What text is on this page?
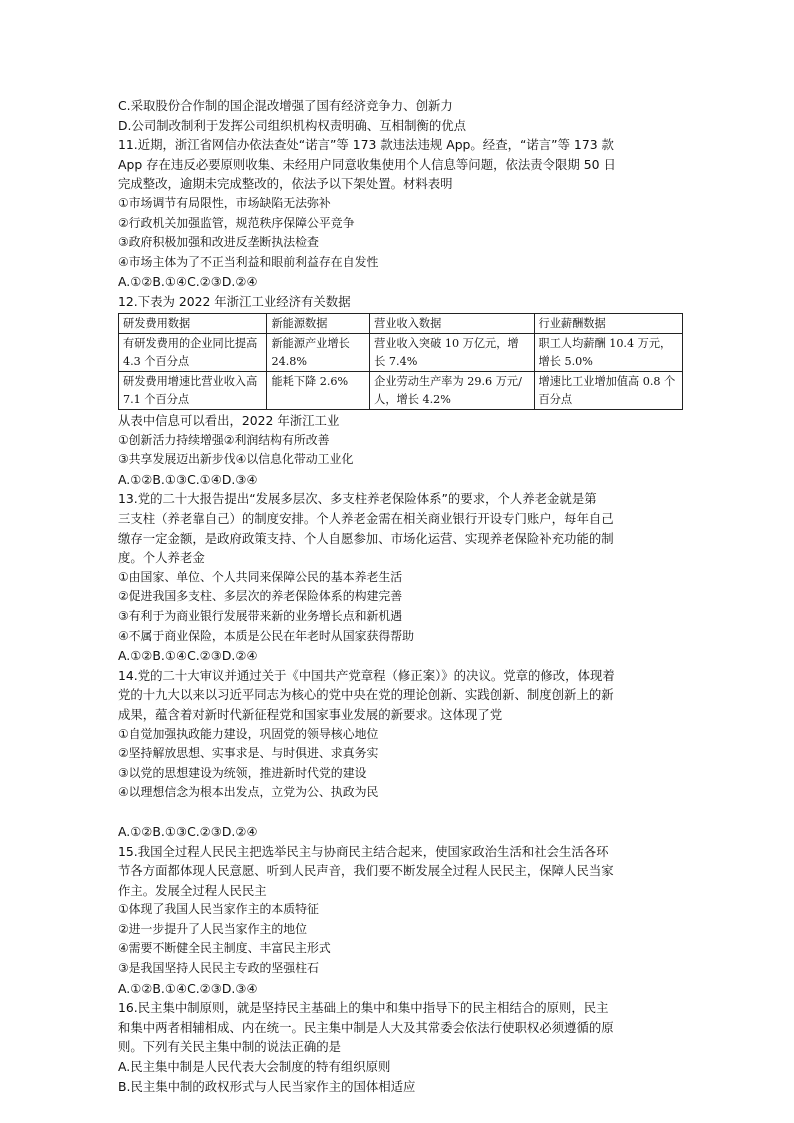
C.采取股份合作制的国企混改增强了国有经济竞争力、创新力
D.公司制改制利于发挥公司组织机构权责明确、互相制衡的优点
11.近期，浙江省网信办依法查处“诺言”等 173 款违法违规 App。经查，“诺言”等 173 款
App 存在违反必要原则收集、未经用户同意收集使用个人信息等问题，依法责令限期 50 日
完成整改，逾期未完成整改的，依法予以下架处置。材料表明
①市场调节有局限性，市场缺陷无法弥补
②行政机关加强监管，规范秩序保障公平竞争
③政府积极加强和改进反垄断执法检查
④市场主体为了不正当利益和眼前利益存在自发性
A.①②B.①④C.②③D.②④
12.下表为 2022 年浙江工业经济有关数据
研发费用数据	新能源数据	营业收入数据	行业薪酬数据
有研发费用的企业同比提高 4.3 个百分点	新能源产业增长 24.8%	营业收入突破 10 万亿元，增长 7.4%	职工人均薪酬 10.4 万元，增长 5.0%
研发费用增速比营业收入高 7.1 个百分点	能耗下降 2.6%	企业劳动生产率为 29.6 万元/人，增长 4.2%	增速比工业增加值高 0.8 个百分点
从表中信息可以看出，2022 年浙江工业
①创新活力持续增强②利润结构有所改善
③共享发展迈出新步伐④以信息化带动工业化
A.①②B.①③C.①④D.③④
13.党的二十大报告提出“发展多层次、多支柱养老保险体系”的要求，个人养老金就是第
三支柱（养老靠自己）的制度安排。个人养老金需在相关商业银行开设专门账户，每年自己
缴存一定金额，是政府政策支持、个人自愿参加、市场化运营、实现养老保险补充功能的制
度。个人养老金
①由国家、单位、个人共同来保障公民的基本养老生活
②促进我国多支柱、多层次的养老保险体系的构建完善
③有利于为商业银行发展带来新的业务增长点和新机遇
④不属于商业保险，本质是公民在年老时从国家获得帮助
A.①②B.①④C.②③D.②④
14.党的二十大审议并通过关于《中国共产党章程（修正案）》的决议。党章的修改，体现着
党的十九大以来以习近平同志为核心的党中央在党的理论创新、实践创新、制度创新上的新
成果，蕴含着对新时代新征程党和国家事业发展的新要求。这体现了党
①自觉加强执政能力建设，巩固党的领导核心地位
②坚持解放思想、实事求是、与时俱进、求真务实
③以党的思想建设为统领，推进新时代党的建设
④以理想信念为根本出发点，立党为公、执政为民
A.①②B.①③C.②③D.②④
15.我国全过程人民民主把选举民主与协商民主结合起来，使国家政治生活和社会生活各环
节各方面都体现人民意愿、听到人民声音，我们要不断发展全过程人民民主，保障人民当家
作主。发展全过程人民民主
①体现了我国人民当家作主的本质特征
②进一步提升了人民当家作主的地位
④需要不断健全民主制度、丰富民主形式
③是我国坚持人民民主专政的坚强柱石
A.①②B.①④C.②③D.③④
16.民主集中制原则，就是坚持民主基础上的集中和集中指导下的民主相结合的原则，民主
和集中两者相辅相成、内在统一。民主集中制是人大及其常委会依法行使职权必须遵循的原
则。下列有关民主集中制的说法正确的是
A.民主集中制是人民代表大会制度的特有组织原则
B.民主集中制的政权形式与人民当家作主的国体相适应
